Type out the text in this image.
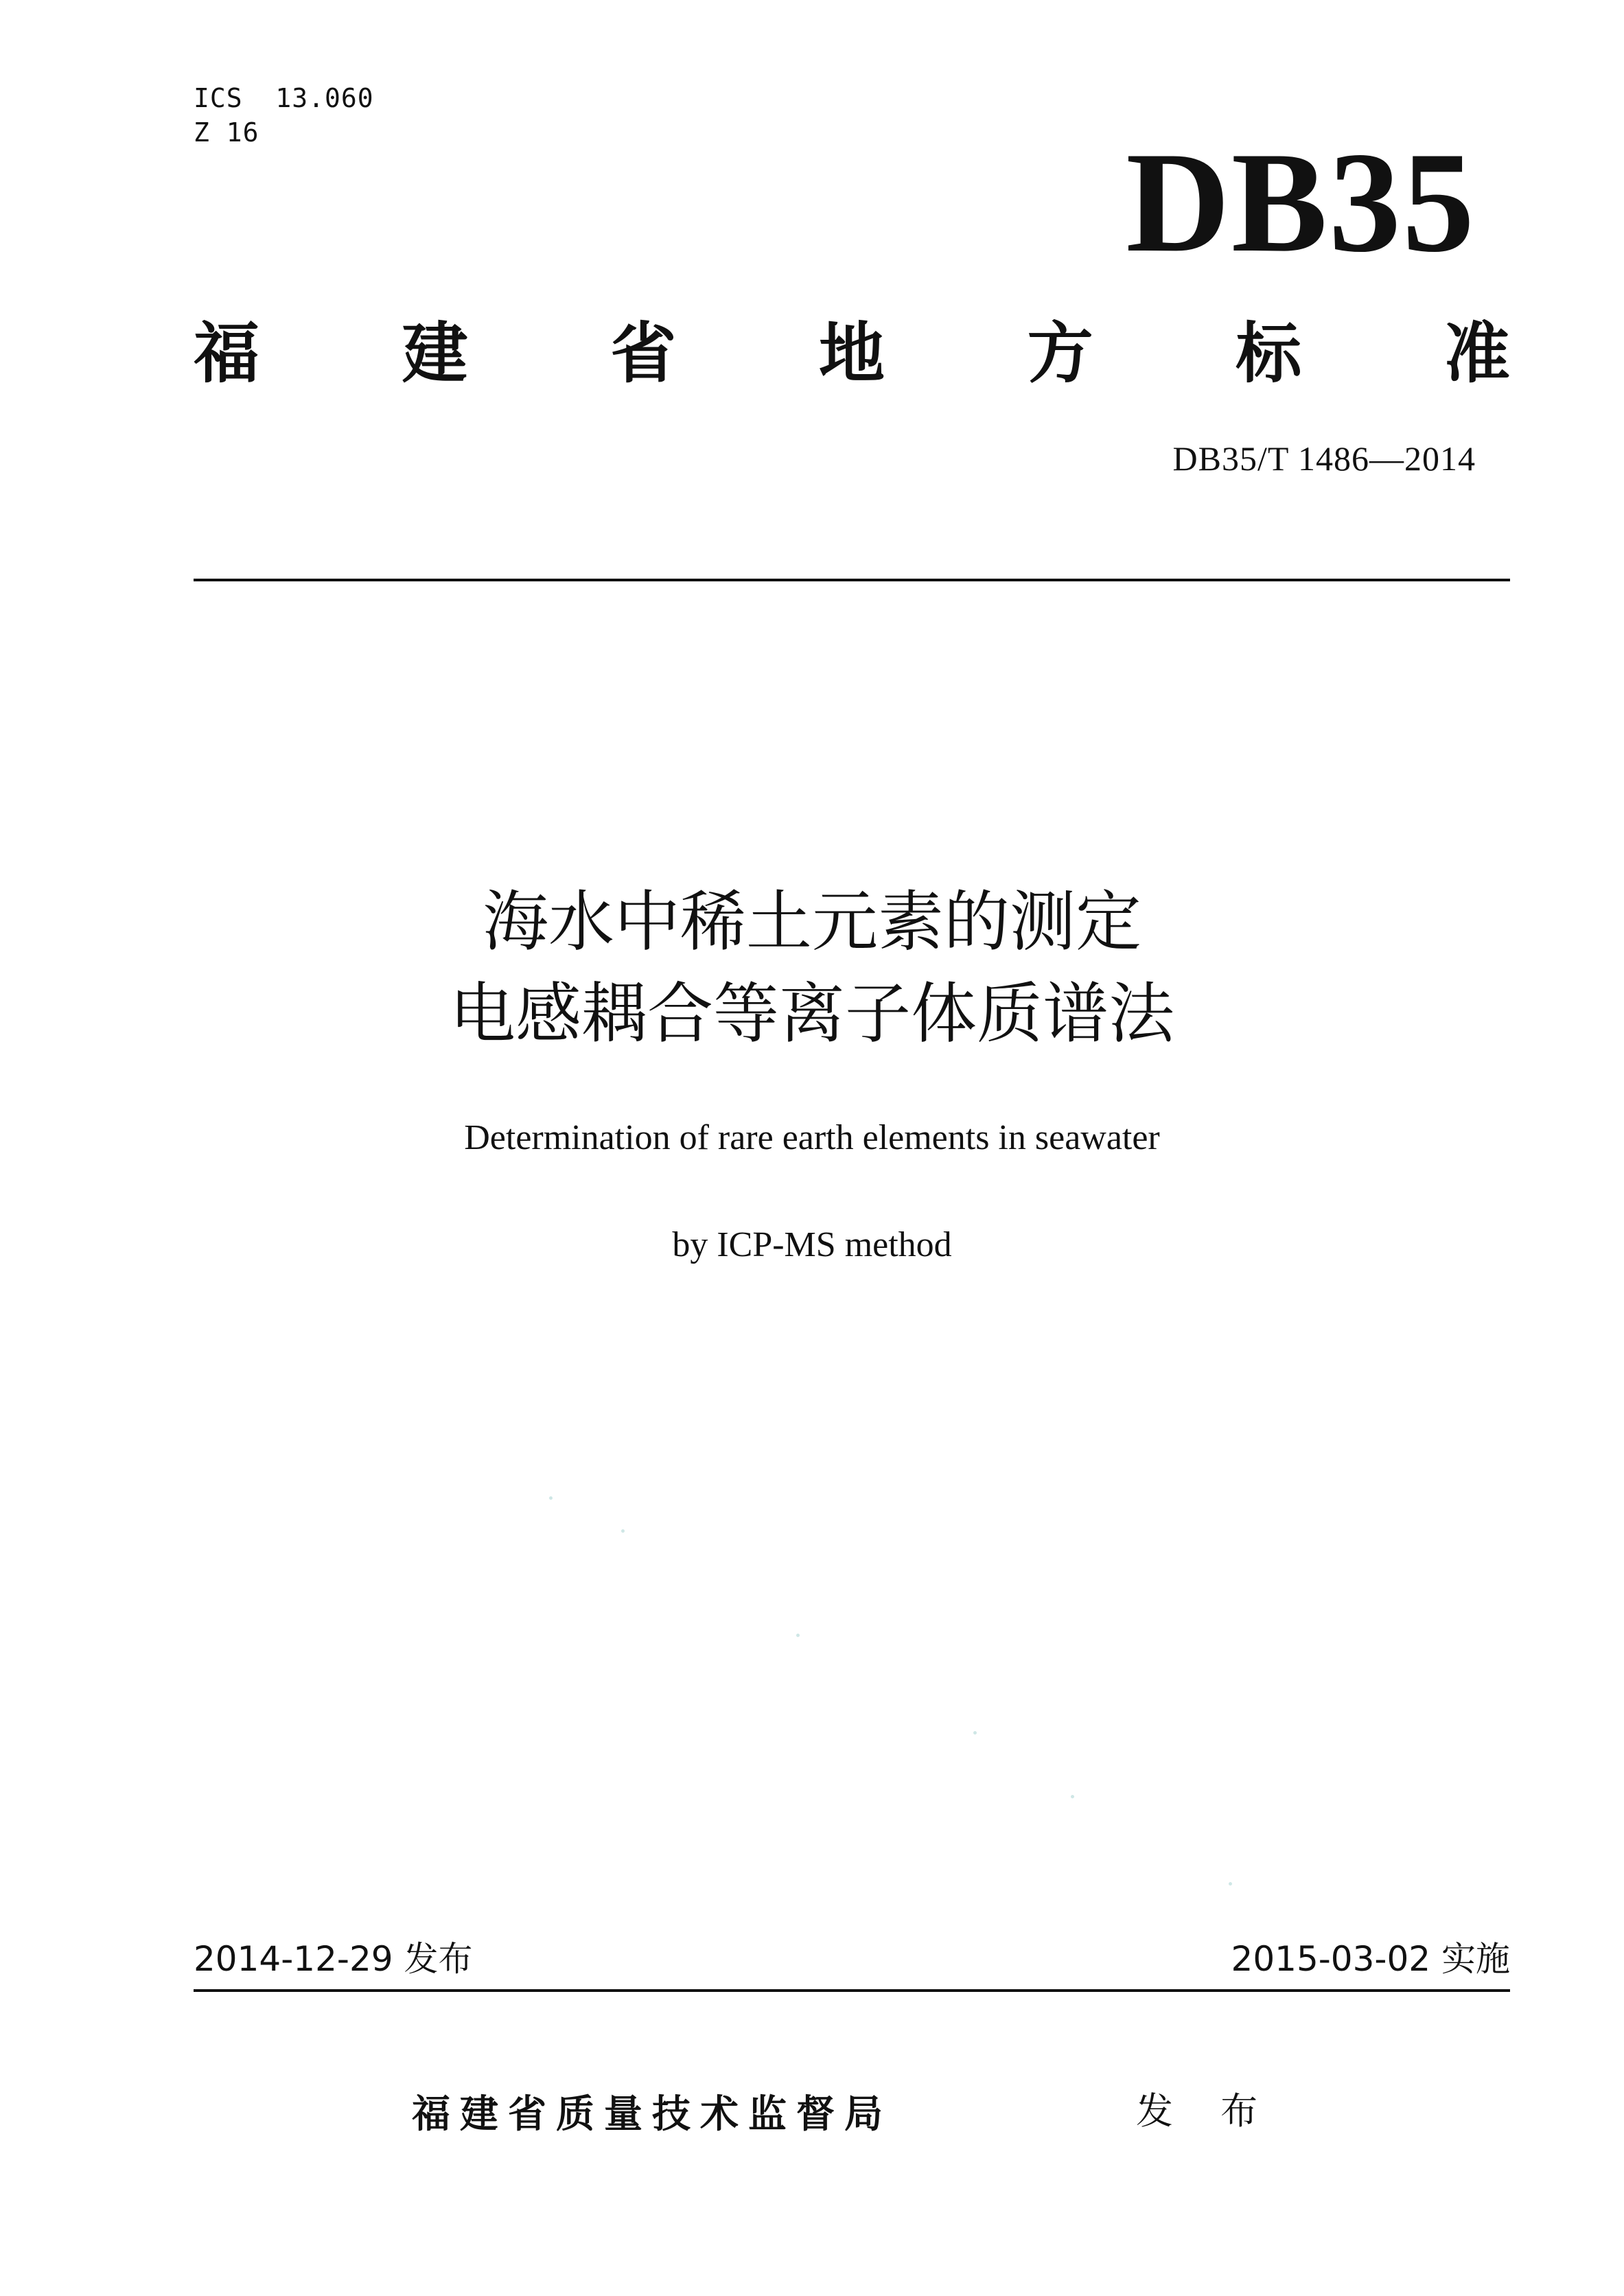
ICS  13.060
Z 16	DB35
福 建 省 地 方 标 准
DB35/T 1486—2014
海水中稀土元素的测定
电感耦合等离子体质谱法
Determination of rare earth elements in seawater
by ICP-MS method
2014-12-29 发布	2015-03-02 实施
福建省质量技术监督局	发 布
